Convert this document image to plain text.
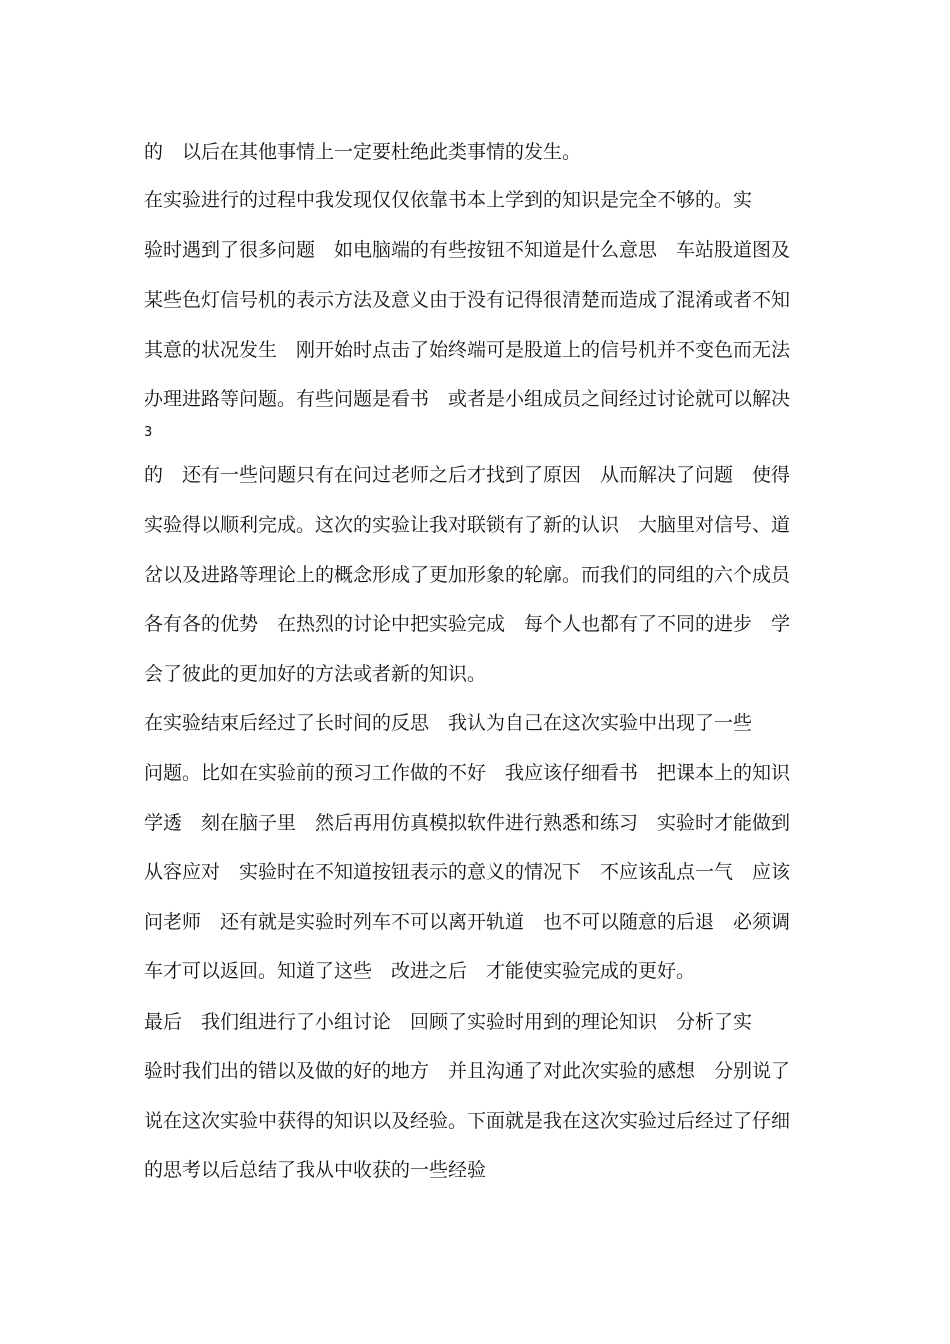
的　以后在其他事情上一定要杜绝此类事情的发生。
在实验进行的过程中我发现仅仅依靠书本上学到的知识是完全不够的。实
验时遇到了很多问题　如电脑端的有些按钮不知道是什么意思　车站股道图及
某些色灯信号机的表示方法及意义由于没有记得很清楚而造成了混淆或者不知
其意的状况发生　刚开始时点击了始终端可是股道上的信号机并不变色而无法
办理进路等问题。有些问题是看书　或者是小组成员之间经过讨论就可以解决
3
的　还有一些问题只有在问过老师之后才找到了原因　从而解决了问题　使得
实验得以顺利完成。这次的实验让我对联锁有了新的认识　大脑里对信号、道
岔以及进路等理论上的概念形成了更加形象的轮廓。而我们的同组的六个成员
各有各的优势　在热烈的讨论中把实验完成　每个人也都有了不同的进步　学
会了彼此的更加好的方法或者新的知识。
在实验结束后经过了长时间的反思　我认为自己在这次实验中出现了一些
问题。比如在实验前的预习工作做的不好　我应该仔细看书　把课本上的知识
学透　刻在脑子里　然后再用仿真模拟软件进行熟悉和练习　实验时才能做到
从容应对　实验时在不知道按钮表示的意义的情况下　不应该乱点一气　应该
问老师　还有就是实验时列车不可以离开轨道　也不可以随意的后退　必须调
车才可以返回。知道了这些　改进之后　才能使实验完成的更好。
最后　我们组进行了小组讨论　回顾了实验时用到的理论知识　分析了实
验时我们出的错以及做的好的地方　并且沟通了对此次实验的感想　分别说了
说在这次实验中获得的知识以及经验。下面就是我在这次实验过后经过了仔细
的思考以后总结了我从中收获的一些经验
